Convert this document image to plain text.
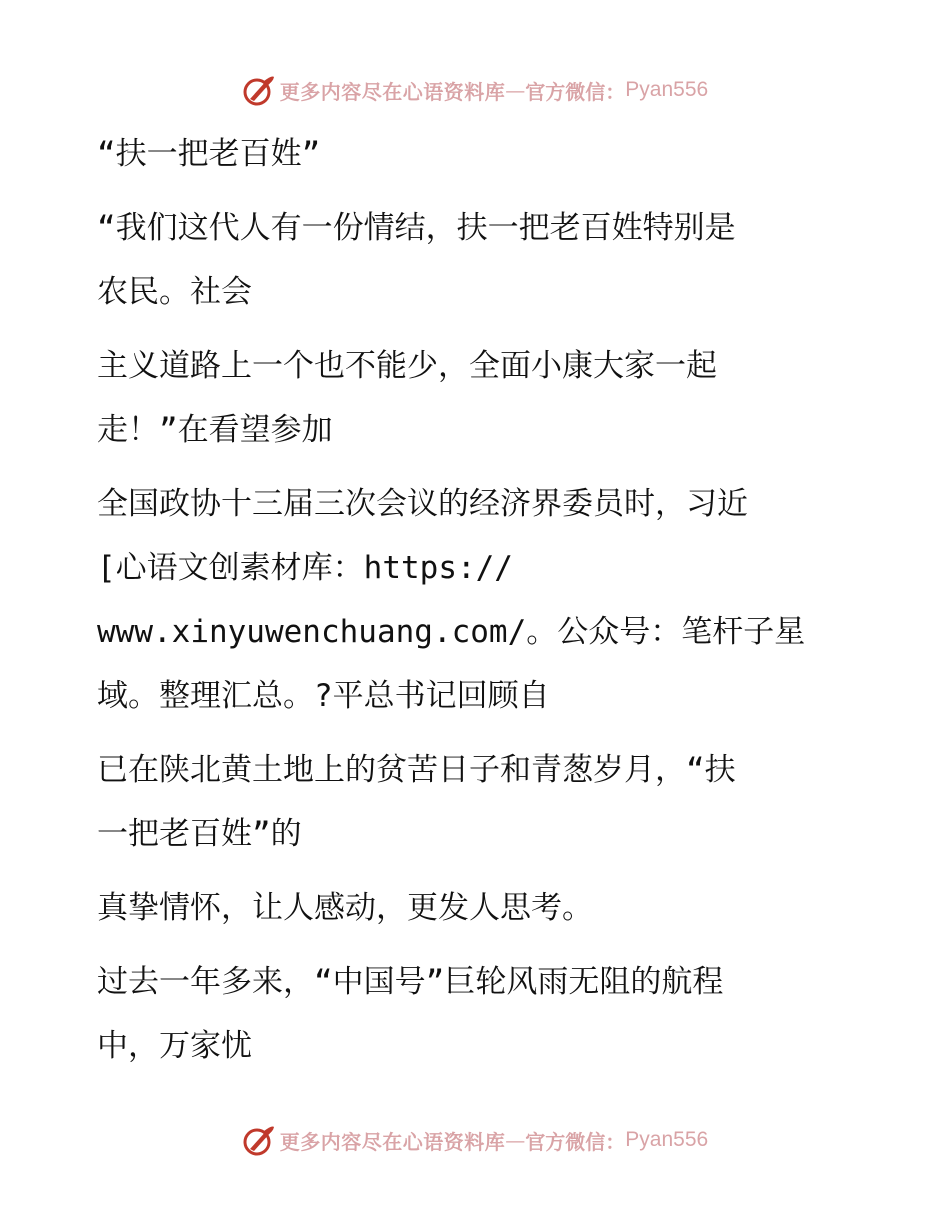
更多内容尽在心语资料库 — 官方微信： Pyan556
“扶一把老百姓”
“我们这代人有一份情结，扶一把老百姓特别是
农民。社会
主义道路上一个也不能少，全面小康大家一起
走！”在看望参加
全国政协十三届三次会议的经济界委员时，习近
[心语文创素材库：https://
www.xinyuwenchuang.com/。公众号：笔杆子星
域。整理汇总。?平总书记回顾自
已在陕北黄土地上的贫苦日子和青葱岁月，“扶
一把老百姓”的
真挚情怀，让人感动，更发人思考。
过去一年多来，“中国号”巨轮风雨无阻的航程
中，万家忧
更多内容尽在心语资料库 — 官方微信： Pyan556
